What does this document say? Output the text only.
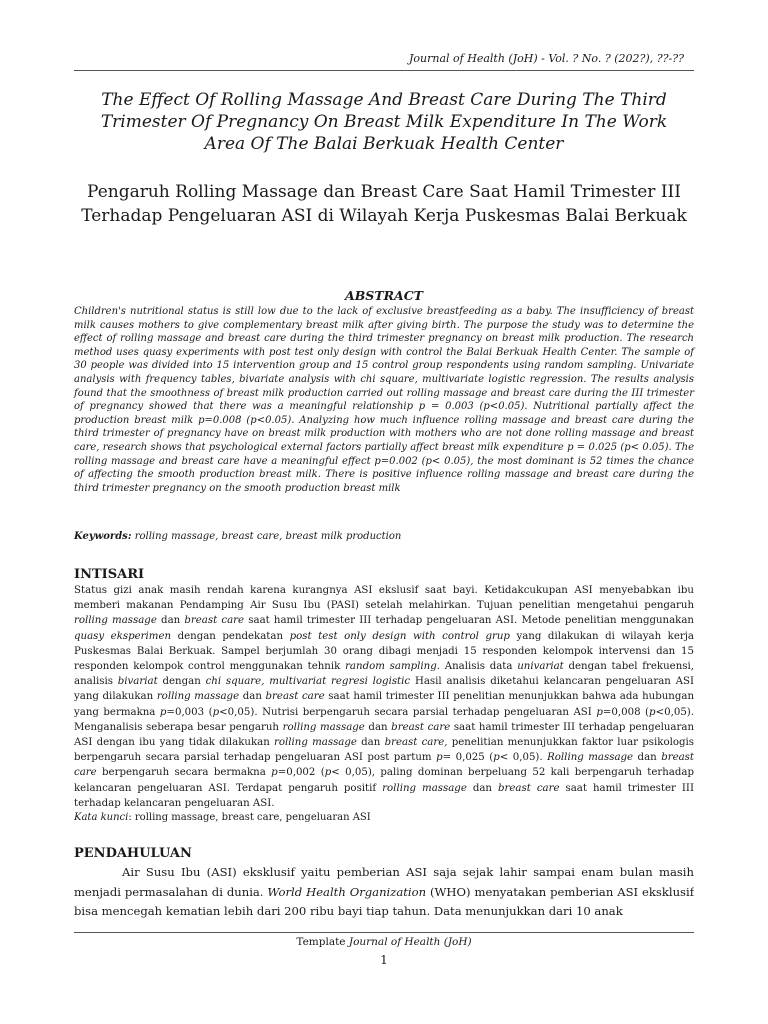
Journal of Health (JoH) - Vol. ? No. ? (202?), ??-??
The Effect Of Rolling Massage And Breast Care During The Third Trimester Of Pregnancy On Breast Milk Expenditure In The Work Area Of The Balai Berkuak Health Center
Pengaruh Rolling Massage dan Breast Care Saat Hamil Trimester III Terhadap Pengeluaran ASI di Wilayah Kerja Puskesmas Balai Berkuak
ABSTRACT

Children's nutritional status is still low due to the lack of exclusive breastfeeding as a baby. The insufficiency of breast milk causes mothers to give complementary breast milk after giving birth. The purpose the study was to determine the effect of rolling massage and breast care during the third trimester pregnancy on breast milk production. The research method uses quasy experiments with post test only design with control the Balai Berkuak Health Center. The sample of 30 people was divided into 15 intervention group and 15 control group respondents using random sampling. Univariate analysis with frequency tables, bivariate analysis with chi square, multivariate logistic regression. The results analysis found that the smoothness of breast milk production carried out rolling massage and breast care during the III trimester of pregnancy showed that there was a meaningful relationship p = 0.003 (p<0.05). Nutritional partially affect the production breast milk p=0.008 (p<0.05). Analyzing how much influence rolling massage and breast care during the third trimester of pregnancy have on breast milk production with mothers who are not done rolling massage and breast care, research shows that psychological external factors partially affect breast milk expenditure p = 0.025 (p< 0.05). The rolling massage and breast care have a meaningful effect p=0.002 (p< 0.05), the most dominant is 52 times the chance of affecting the smooth production breast milk. There is positive influence rolling massage and breast care during the third trimester pregnancy on the smooth production breast milk

Keywords: rolling massage, breast care, breast milk production

INTISARI

Status gizi anak masih rendah karena kurangnya ASI ekslusif saat bayi. Ketidakcukupan ASI menyebabkan ibu memberi makanan Pendamping Air Susu Ibu (PASI) setelah melahirkan. Tujuan penelitian mengetahui pengaruh rolling massage dan breast care saat hamil trimester III terhadap pengeluaran ASI. Metode penelitian menggunakan quasy eksperimen dengan pendekatan post test only design with control grup yang dilakukan di wilayah kerja Puskesmas Balai Berkuak. Sampel berjumlah 30 orang dibagi menjadi 15 responden kelompok intervensi dan 15 responden kelompok control menggunakan tehnik random sampling. Analisis data univariat dengan tabel frekuensi, analisis bivariat dengan chi square, multivariat regresi logistic Hasil analisis diketahui kelancaran pengeluaran ASI yang dilakukan rolling massage dan breast care saat hamil trimester III penelitian menunjukkan bahwa ada hubungan yang bermakna p=0,003 (p<0,05). Nutrisi berpengaruh secara parsial terhadap pengeluaran ASI p=0,008 (p<0,05). Menganalisis seberapa besar pengaruh rolling massage dan breast care saat hamil trimester III terhadap pengeluaran ASI dengan ibu yang tidak dilakukan rolling massage dan breast care, penelitian menunjukkan faktor luar psikologis berpengaruh secara parsial terhadap pengeluaran ASI post partum p= 0,025 (p< 0,05). Rolling massage dan breast care berpengaruh secara bermakna p=0,002 (p< 0,05), paling dominan berpeluang 52 kali berpengaruh terhadap kelancaran pengeluaran ASI. Terdapat pengaruh positif rolling massage dan breast care saat hamil trimester III terhadap kelancaran pengeluaran ASI.

Kata kunci: rolling massage, breast care, pengeluaran ASI

PENDAHULUAN

Air Susu Ibu (ASI) eksklusif yaitu pemberian ASI saja sejak lahir sampai enam bulan masih menjadi permasalahan di dunia. World Health Organization (WHO) menyatakan pemberian ASI eksklusif bisa mencegah kematian lebih dari 200 ribu bayi tiap tahun. Data menunjukkan dari 10 anak

Template Journal of Health (JoH)
1
